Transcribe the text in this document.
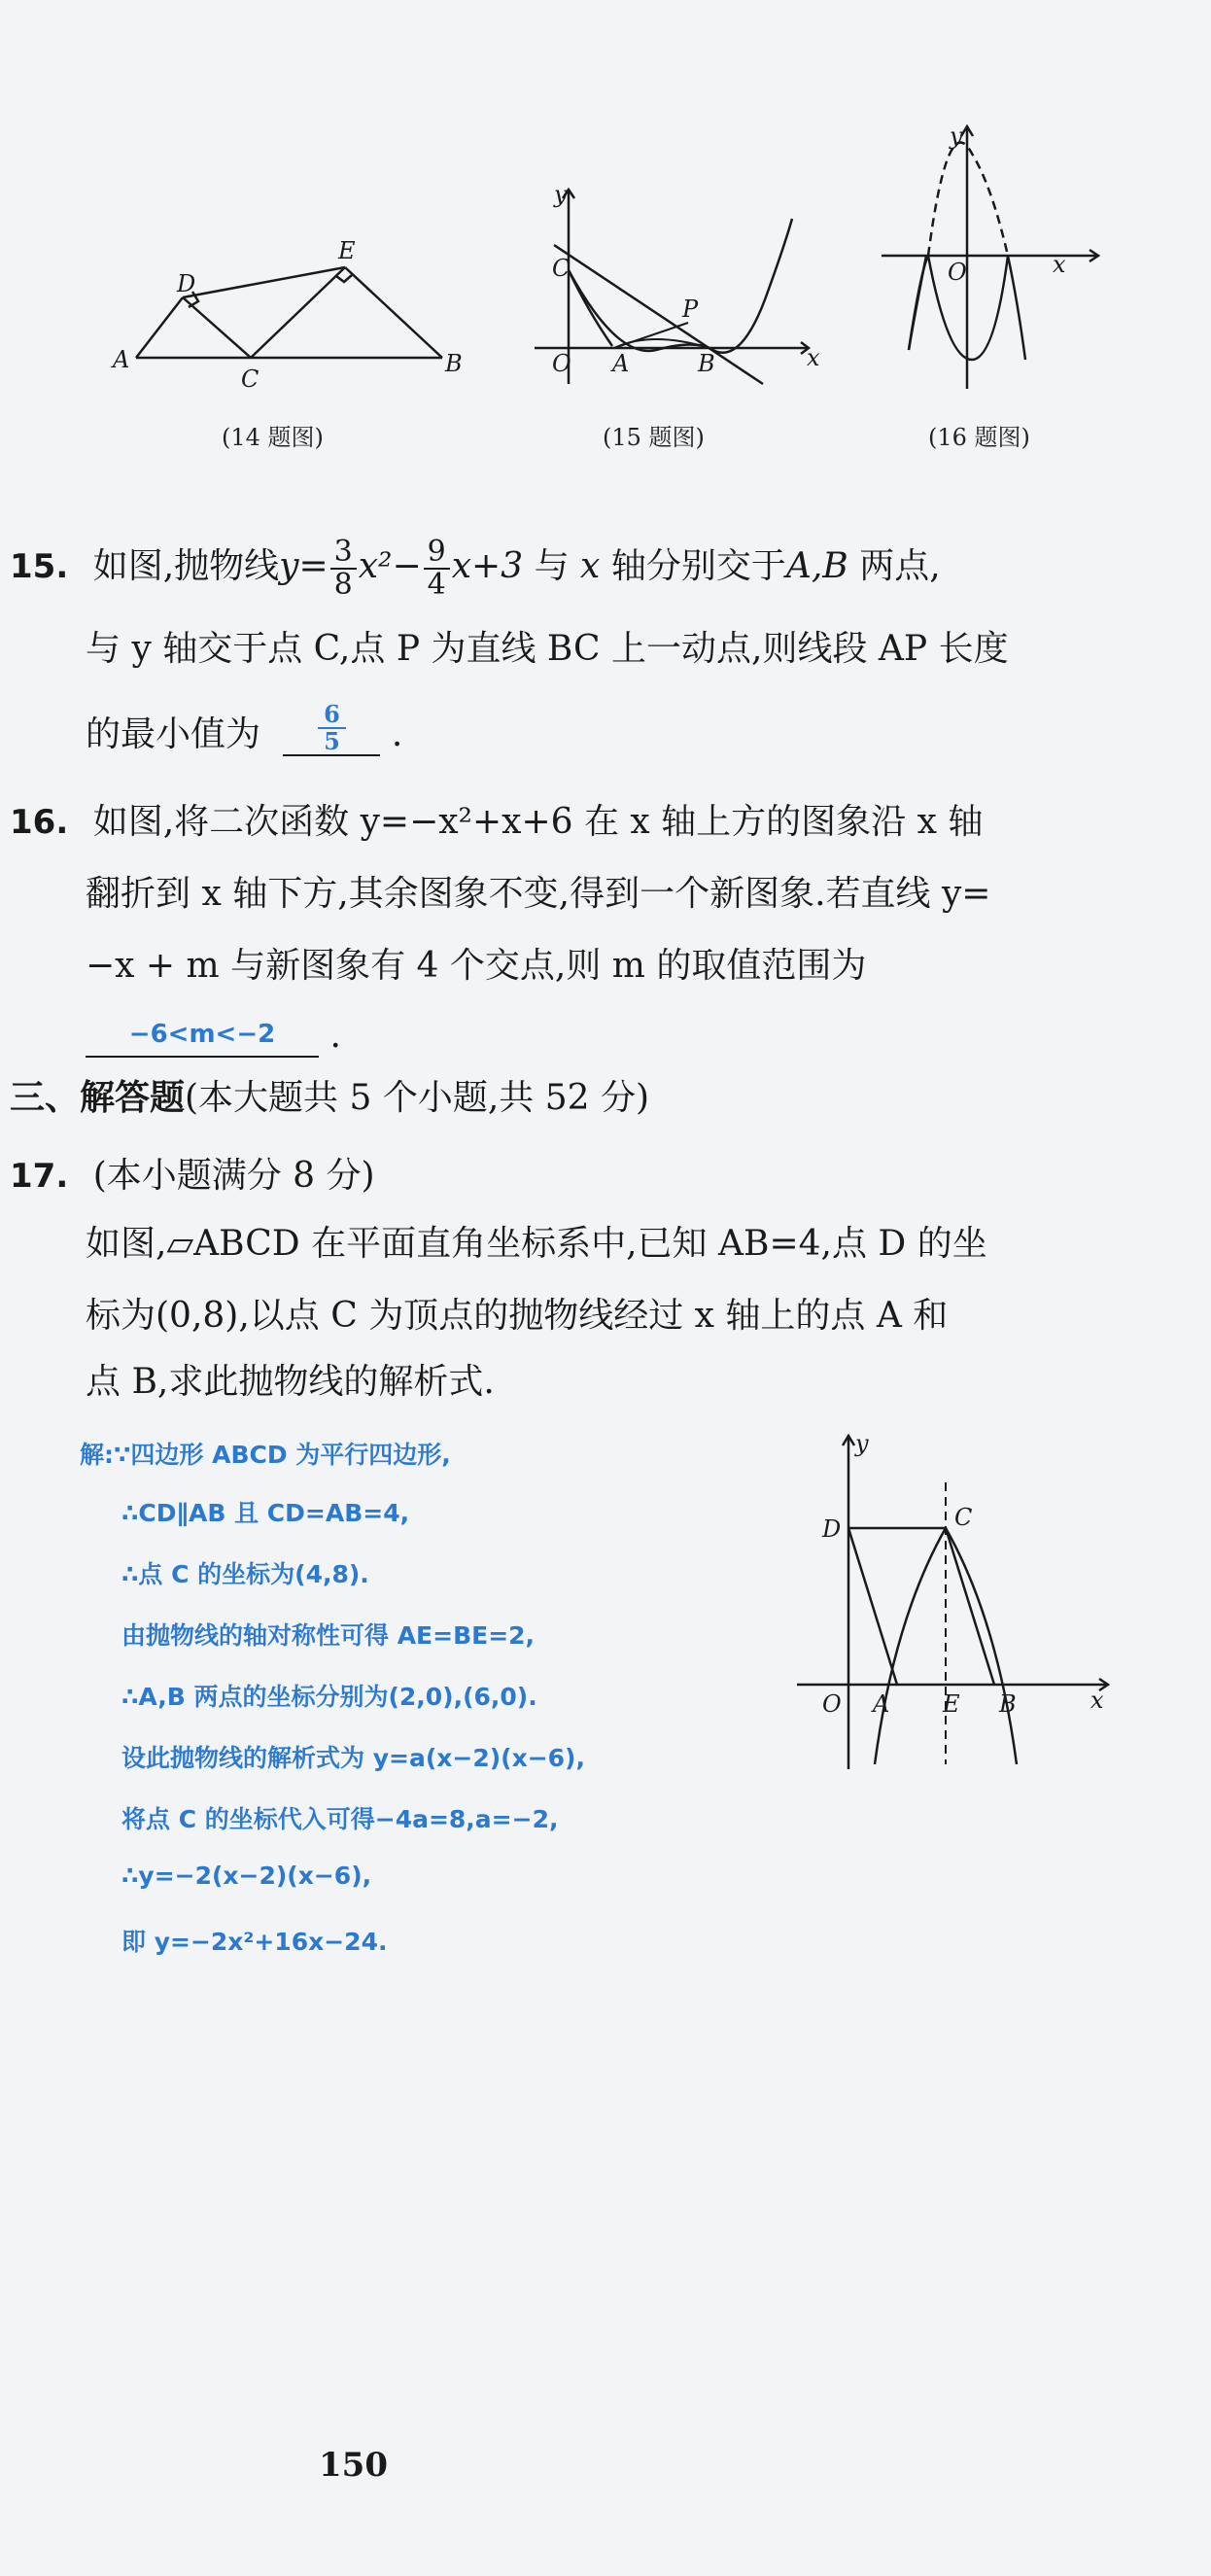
A	B
C
D
E
(14 题图)
y
x
O A	B
C
P
(15 题图)
y
x
O
(16 题图)
15. 如图,抛物线$y= \frac{3}{8} x^2- \frac{9}{4} x+3$ 与 x 轴分别交于A,B 两点,
与 y 轴交于点 C,点 P 为直线 BC 上一动点,则线段 AP 长度
的最小值为 $\frac{6}{5}$ .
16. 如图,将二次函数 y=−x²+x+6 在 x 轴上方的图象沿 x 轴
翻折到 x 轴下方,其余图象不变,得到一个新图象.若直线 y=
−x + m 与新图象有 4 个交点,则 m 的取值范围为
−6<m<−2 .
三、解答题(本大题共 5 个小题,共 52 分)
17. (本小题满分 8 分)
如图,▱ABCD 在平面直角坐标系中,已知 AB=4,点 D 的坐
标为(0,8),以点 C 为顶点的抛物线经过 x 轴上的点 A 和
点 B,求此抛物线的解析式.
解:∵四边形 ABCD 为平行四边形,
∴CD∥AB 且 CD=AB=4,
∴点 C 的坐标为(4,8).
由抛物线的轴对称性可得 AE=BE=2,
∴A,B 两点的坐标分别为(2,0),(6,0).
设此抛物线的解析式为 y=a(x−2)(x−6),
将点 C 的坐标代入可得−4a=8,a=−2,
∴y=−2(x−2)(x−6),
即 y=−2x²+16x−24.
y
x
O A E B
C
D
150
